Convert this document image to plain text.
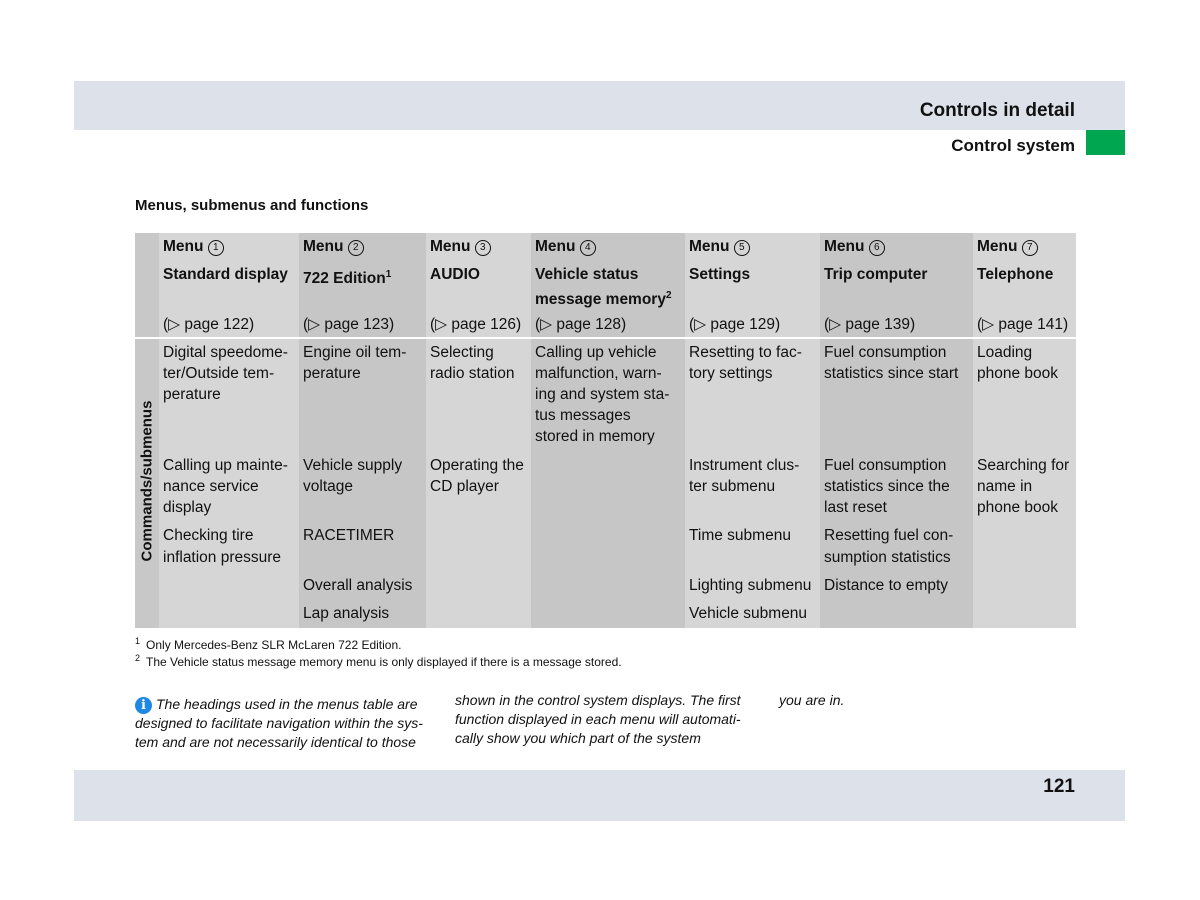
Controls in detail
Control system
Menus, submenus and functions
Commands/submenus
Menu 1
Standard display
(▷ page 122)
Digital speedome-
ter/Outside tem-
perature
Calling up mainte-
nance service
display
Checking tire
inflation pressure
Menu 2
722 Edition$^1$
(▷ page 123)
Engine oil tem-
perature
Vehicle supply
voltage
RACETIMER
Overall analysis
Lap analysis
Menu 3
AUDIO
(▷ page 126)
Selecting
radio station
Operating the
CD player
Menu 4
Vehicle status
message memory$^2$
(▷ page 128)
Calling up vehicle
malfunction, warn-
ing and system sta-
tus messages
stored in memory
Menu 5
Settings
(▷ page 129)
Resetting to fac-
tory settings
Instrument clus-
ter submenu
Time submenu
Lighting submenu
Vehicle submenu
Menu 6
Trip computer
(▷ page 139)
Fuel consumption
statistics since start
Fuel consumption
statistics since the
last reset
Resetting fuel con-
sumption statistics
Distance to empty
Menu 7
Telephone
(▷ page 141)
Loading
phone book
Searching for
name in
phone book
$^1$ Only Mercedes-Benz SLR McLaren 722 Edition.
$^2$ The Vehicle status message memory menu is only displayed if there is a message stored.
i The headings used in the menus table are
designed to facilitate navigation within the sys-
tem and are not necessarily identical to those
shown in the control system displays. The first
function displayed in each menu will automati-
cally show you which part of the system
you are in.
121
